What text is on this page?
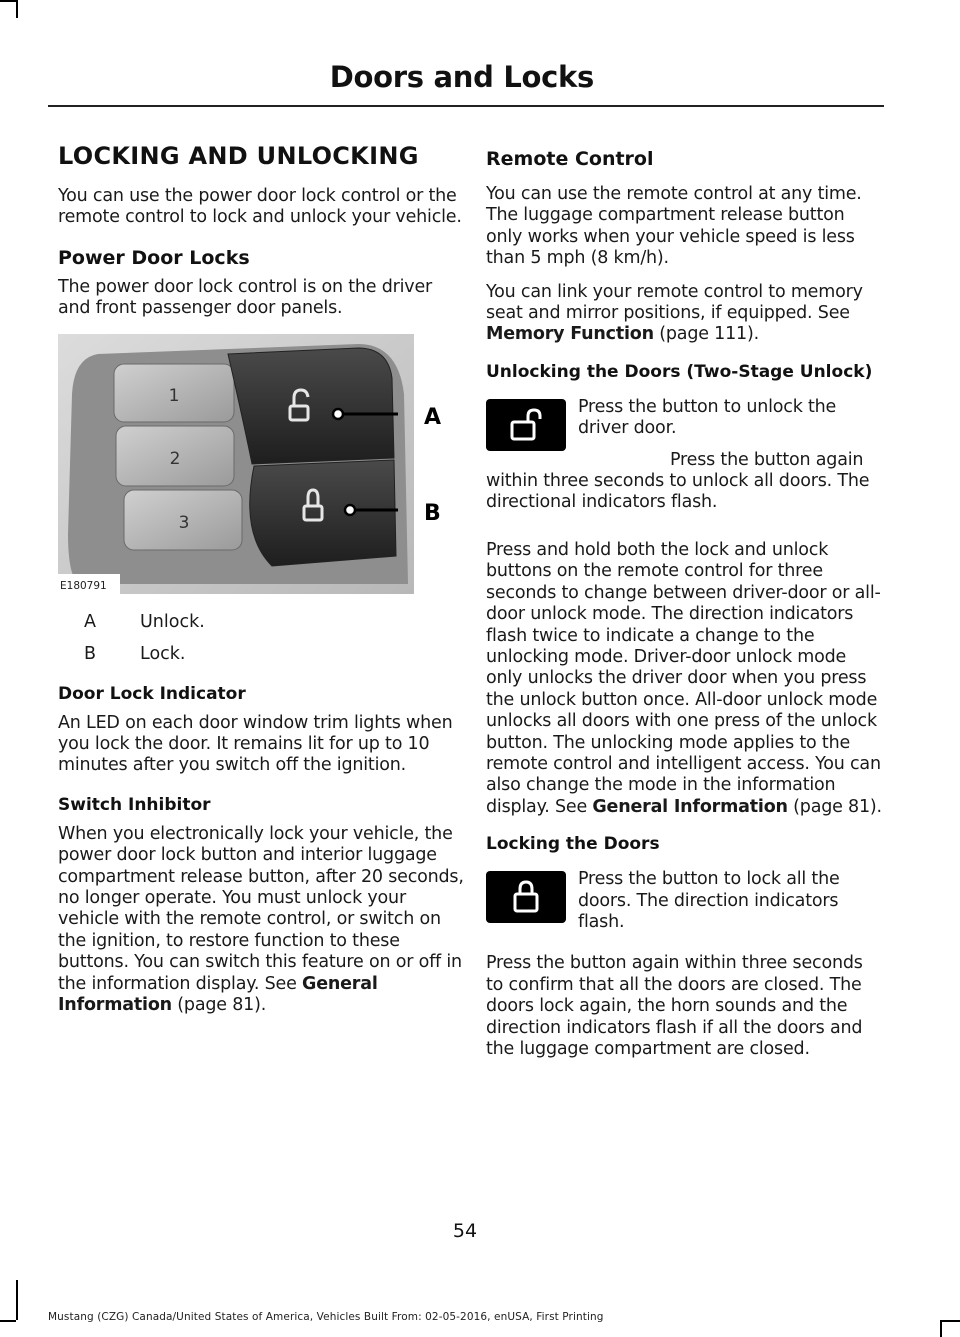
Doors and Locks
LOCKING AND UNLOCKING

You can use the power door lock control or the remote control to lock and unlock your vehicle.

Power Door Locks

The power door lock control is on the driver and front passenger door panels.

1
2
3
A
B
E180791
A	Unlock.
B	Lock.
Door Lock Indicator

An LED on each door window trim lights when you lock the door. It remains lit for up to 10 minutes after you switch off the ignition.

Switch Inhibitor

When you electronically lock your vehicle, the power door lock button and interior luggage compartment release button, after 20 seconds, no longer operate. You must unlock your vehicle with the remote control, or switch on the ignition, to restore function to these buttons. You can switch this feature on or off in the information display. See General Information (page 81).

Remote Control

You can use the remote control at any time. The luggage compartment release button only works when your vehicle speed is less than 5 mph (8 km/h).

You can link your remote control to memory seat and mirror positions, if equipped. See Memory Function (page 111).

Unlocking the Doors (Two-Stage Unlock)

Press the button to unlock the driver door.

Press the button again within three seconds to unlock all doors. The directional indicators flash.

Press and hold both the lock and unlock buttons on the remote control for three seconds to change between driver-door or all-door unlock mode. The direction indicators flash twice to indicate a change to the unlocking mode. Driver-door unlock mode only unlocks the driver door when you press the unlock button once. All-door unlock mode unlocks all doors with one press of the unlock button. The unlocking mode applies to the remote control and intelligent access. You can also change the mode in the information display. See General Information (page 81).

Locking the Doors

Press the button to lock all the doors. The direction indicators flash.

Press the button again within three seconds to confirm that all the doors are closed. The doors lock again, the horn sounds and the direction indicators flash if all the doors and the luggage compartment are closed.

54
Mustang (CZG) Canada/United States of America, Vehicles Built From: 02-05-2016, enUSA, First Printing
